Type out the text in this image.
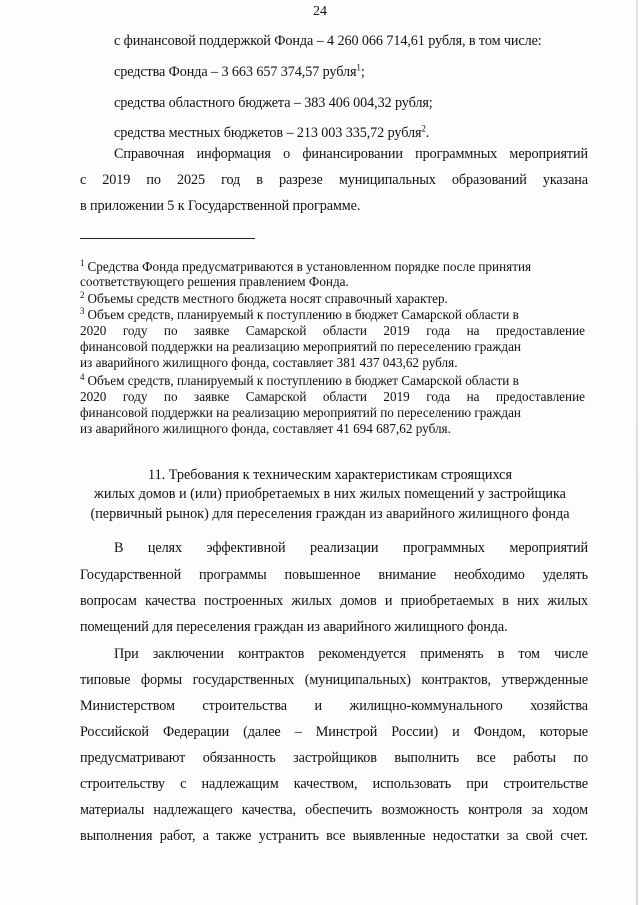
24
с финансовой поддержкой Фонда – 4 260 066 714,61 рубля, в том числе:
средства Фонда – 3 663 657 374,57 рубля$^1$;
средства областного бюджета – 383 406 004,32 рубля;
средства местных бюджетов – 213 003 335,72 рубля$^2$.
Справочная информация о финансировании программных мероприятий
с 2019 по 2025 год в разрезе муниципальных образований указана
в приложении 5 к Государственной программе.
$^1$ Средства Фонда предусматриваются в установленном порядке после принятия
соответствующего решения правлением Фонда.
$^2$ Объемы средств местного бюджета носят справочный характер.
$^3$ Объем средств, планируемый к поступлению в бюджет Самарской области в
2020 году по заявке Самарской области 2019 года на предоставление
финансовой поддержки на реализацию мероприятий по переселению граждан
из аварийного жилищного фонда, составляет 381 437 043,62 рубля.
$^4$ Объем средств, планируемый к поступлению в бюджет Самарской области в
2020 году по заявке Самарской области 2019 года на предоставление
финансовой поддержки на реализацию мероприятий по переселению граждан
из аварийного жилищного фонда, составляет 41 694 687,62 рубля.
11. Требования к техническим характеристикам строящихся
жилых домов и (или) приобретаемых в них жилых помещений у застройщика
(первичный рынок) для переселения граждан из аварийного жилищного фонда
В целях эффективной реализации программных мероприятий
Государственной программы повышенное внимание необходимо уделять
вопросам качества построенных жилых домов и приобретаемых в них жилых
помещений для переселения граждан из аварийного жилищного фонда.
При заключении контрактов рекомендуется применять в том числе
типовые формы государственных (муниципальных) контрактов, утвержденные
Министерством строительства и жилищно-коммунального хозяйства
Российской Федерации (далее – Минстрой России) и Фондом, которые
предусматривают обязанность застройщиков выполнить все работы по
строительству с надлежащим качеством, использовать при строительстве
материалы надлежащего качества, обеспечить возможность контроля за ходом
выполнения работ, а также устранить все выявленные недостатки за свой счет.
